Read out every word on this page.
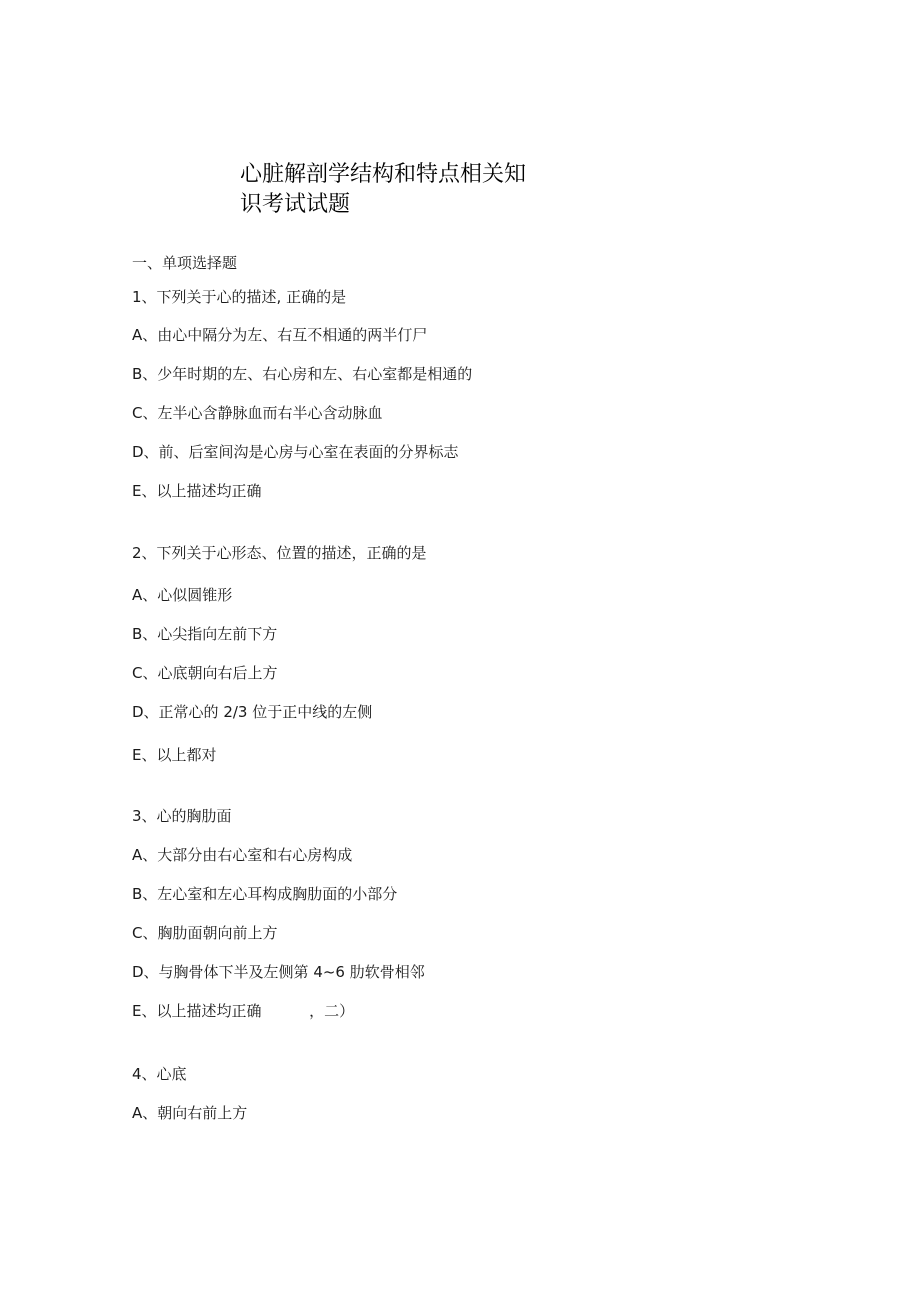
心脏解剖学结构和特点相关知
识考试试题
一、单项选择题
1、下列关于心的描述, 正确的是
A、由心中隔分为左、右互不相通的两半仃尸
B、少年时期的左、右心房和左、右心室都是相通的
C、左半心含静脉血而右半心含动脉血
D、前、后室间沟是心房与心室在表面的分界标志
E、以上描述均正确
2、下列关于心形态、位置的描述，正确的是
A、心似圆锥形
B、心尖指向左前下方
C、心底朝向右后上方
D、正常心的 2/3 位于正中线的左侧
E、以上都对
3、心的胸肋面
A、大部分由右心室和右心房构成
B、左心室和左心耳构成胸肋面的小部分
C、胸肋面朝向前上方
D、与胸骨体下半及左侧第 4~6 肋软骨相邻
E、以上描述均正确          ，二）
4、心底
A、朝向右前上方
